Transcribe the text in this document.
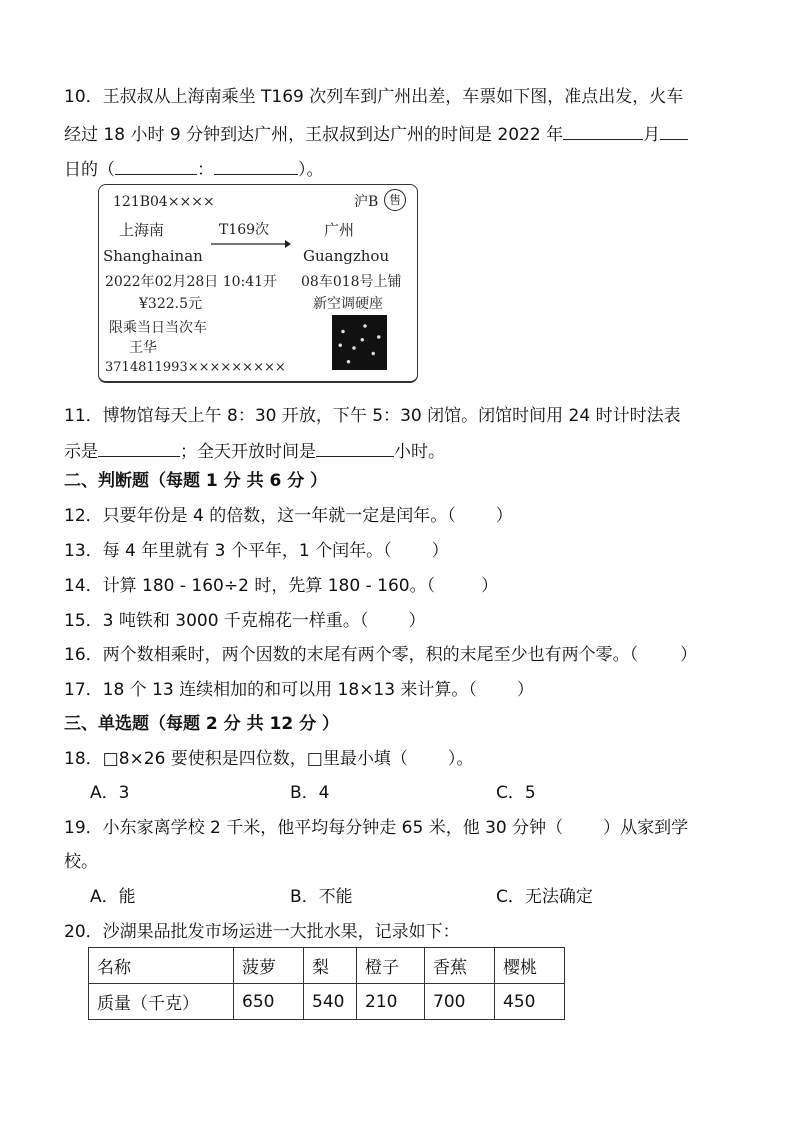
10．王叔叔从上海南乘坐 T169 次列车到广州出差，车票如下图，准点出发，火车
经过 18 小时 9 分钟到达广州，王叔叔到达广州的时间是 2022 年	月
日的（	：	）。
121B04××××	沪B 售
上海南	T169次	广州
Shanghainan	Guangzhou
2022年02月28日 10:41开 08车018号上铺
¥322.5元	新空调硬座
限乘当日当次车
王华
3714811993×××××××××
11．博物馆每天上午 8：30 开放，下午 5：30 闭馆。闭馆时间用 24 时计时法表
示是	；全天开放时间是	小时。
二、判断题（每题 1 分 共 6 分 ）
12．只要年份是 4 的倍数，这一年就一定是闰年。（ ）
13．每 4 年里就有 3 个平年，1 个闰年。（ ）
14．计算 180 - 160÷2 时，先算 180 - 160。（	）
15．3 吨铁和 3000 千克棉花一样重。（ ）
16．两个数相乘时，两个因数的末尾有两个零，积的末尾至少也有两个零。（ ）
17．18 个 13 连续相加的和可以用 18×13 来计算。（ ）
三、单选题（每题 2 分 共 12 分 ）
18．□8×26 要使积是四位数，□里最小填（ ）。
A．3	B．4	C．5
19．小东家离学校 2 千米，他平均每分钟走 65 米，他 30 分钟（ ）从家到学
校。
A．能	B．不能	C．无法确定
20．沙湖果品批发市场运进一大批水果，记录如下：
名称	菠萝	梨	橙子	香蕉	樱桃
质量（千克）	650	540	210	700	450
